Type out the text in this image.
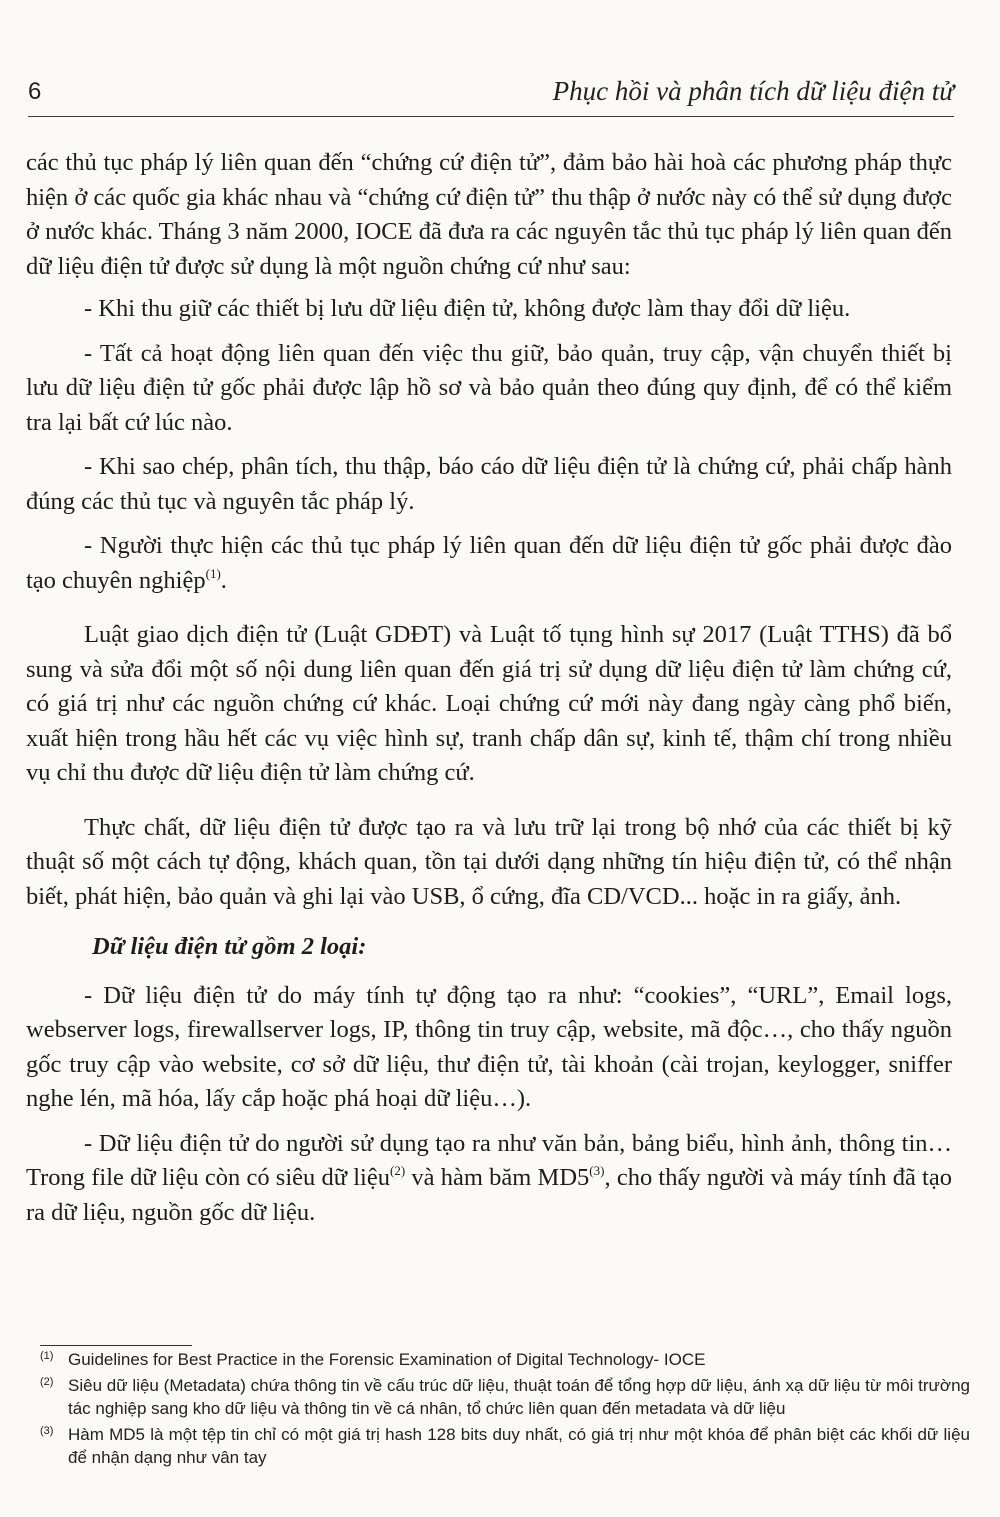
6	Phục hồi và phân tích dữ liệu điện tử

các thủ tục pháp lý liên quan đến “chứng cứ điện tử”, đảm bảo hài hoà các phương pháp thực hiện ở các quốc gia khác nhau và “chứng cứ điện tử” thu thập ở nước này có thể sử dụng được ở nước khác. Tháng 3 năm 2000, IOCE đã đưa ra các nguyên tắc thủ tục pháp lý liên quan đến dữ liệu điện tử được sử dụng là một nguồn chứng cứ như sau:

- Khi thu giữ các thiết bị lưu dữ liệu điện tử, không được làm thay đổi dữ liệu.

- Tất cả hoạt động liên quan đến việc thu giữ, bảo quản, truy cập, vận chuyển thiết bị lưu dữ liệu điện tử gốc phải được lập hồ sơ và bảo quản theo đúng quy định, để có thể kiểm tra lại bất cứ lúc nào.

- Khi sao chép, phân tích, thu thập, báo cáo dữ liệu điện tử là chứng cứ, phải chấp hành đúng các thủ tục và nguyên tắc pháp lý.

- Người thực hiện các thủ tục pháp lý liên quan đến dữ liệu điện tử gốc phải được đào tạo chuyên nghiệp$^{(1)}$.

Luật giao dịch điện tử (Luật GDĐT) và Luật tố tụng hình sự 2017 (Luật TTHS) đã bổ sung và sửa đổi một số nội dung liên quan đến giá trị sử dụng dữ liệu điện tử làm chứng cứ, có giá trị như các nguồn chứng cứ khác. Loại chứng cứ mới này đang ngày càng phổ biến, xuất hiện trong hầu hết các vụ việc hình sự, tranh chấp dân sự, kinh tế, thậm chí trong nhiều vụ chỉ thu được dữ liệu điện tử làm chứng cứ.

Thực chất, dữ liệu điện tử được tạo ra và lưu trữ lại trong bộ nhớ của các thiết bị kỹ thuật số một cách tự động, khách quan, tồn tại dưới dạng những tín hiệu điện tử, có thể nhận biết, phát hiện, bảo quản và ghi lại vào USB, ổ cứng, đĩa CD/VCD... hoặc in ra giấy, ảnh.

Dữ liệu điện tử gồm 2 loại:

- Dữ liệu điện tử do máy tính tự động tạo ra như: “cookies”, “URL”, Email logs, webserver logs, firewallserver logs, IP, thông tin truy cập, website, mã độc…, cho thấy nguồn gốc truy cập vào website, cơ sở dữ liệu, thư điện tử, tài khoản (cài trojan, keylogger, sniffer nghe lén, mã hóa, lấy cắp hoặc phá hoại dữ liệu…).

- Dữ liệu điện tử do người sử dụng tạo ra như văn bản, bảng biểu, hình ảnh, thông tin… Trong file dữ liệu còn có siêu dữ liệu$^{(2)}$ và hàm băm MD5$^{(3)}$, cho thấy người và máy tính đã tạo ra dữ liệu, nguồn gốc dữ liệu.

(1) Guidelines for Best Practice in the Forensic Examination of Digital Technology- IOCE

(2) Siêu dữ liệu (Metadata) chứa thông tin về cấu trúc dữ liệu, thuật toán để tổng hợp dữ liệu, ánh xạ dữ liệu từ môi trường tác nghiệp sang kho dữ liệu và thông tin về cá nhân, tổ chức liên quan đến metadata và dữ liệu

(3) Hàm MD5 là một tệp tin chỉ có một giá trị hash 128 bits duy nhất, có giá trị như một khóa để phân biệt các khối dữ liệu để nhận dạng như vân tay
